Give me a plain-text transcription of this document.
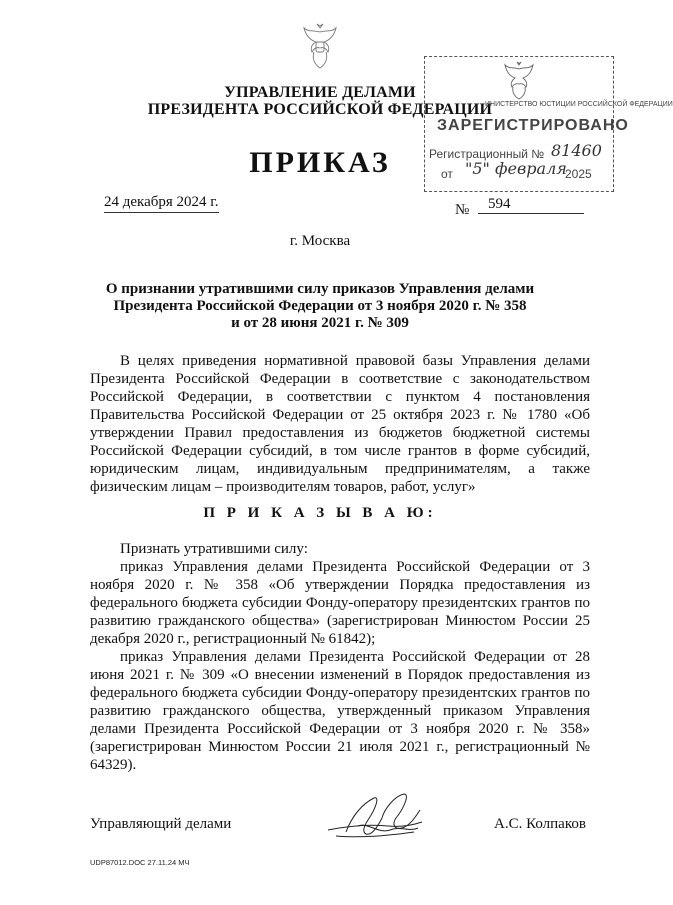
УПРАВЛЕНИЕ ДЕЛАМИ
ПРЕЗИДЕНТА РОССИЙСКОЙ ФЕДЕРАЦИИ
ИНИСТЕРСТВО ЮСТИЦИИ РОССИЙСКОЙ ФЕДЕРАЦИИ
ЗАРЕГИСТРИРОВАНО
Регистрационный № 81460
от "5" февраля
2025
ПРИКАЗ
24 декабря 2024 г.	№	594
г. Москва
О признании утратившими силу приказов Управления делами
Президента Российской Федерации от 3 ноября 2020 г. № 358
и от 28 июня 2021 г. № 309
В целях приведения нормативной правовой базы Управления делами Президента Российской Федерации в соответствие с законодательством Российской Федерации, в соответствии с пунктом 4 постановления Правительства Российской Федерации от 25 октября 2023 г. № 1780 «Об утверждении Правил предоставления из бюджетов бюджетной системы Российской Федерации субсидий, в том числе грантов в форме субсидий, юридическим лицам, индивидуальным предпринимателям, а также физическим лицам – производителям товаров, работ, услуг»
П Р И К А З Ы В А Ю:
Признать утратившими силу:
приказ Управления делами Президента Российской Федерации от 3 ноября 2020 г. № 358 «Об утверждении Порядка предоставления из федерального бюджета субсидии Фонду-оператору президентских грантов по развитию гражданского общества» (зарегистрирован Минюстом России 25 декабря 2020 г., регистрационный № 61842);
приказ Управления делами Президента Российской Федерации от 28 июня 2021 г. № 309 «О внесении изменений в Порядок предоставления из федерального бюджета субсидии Фонду-оператору президентских грантов по развитию гражданского общества, утвержденный приказом Управления делами Президента Российской Федерации от 3 ноября 2020 г. № 358» (зарегистрирован Минюстом России 21 июля 2021 г., регистрационный № 64329).
Управляющий делами	А.С. Колпаков
UDP87012.DOC 27.11.24 МЧ
